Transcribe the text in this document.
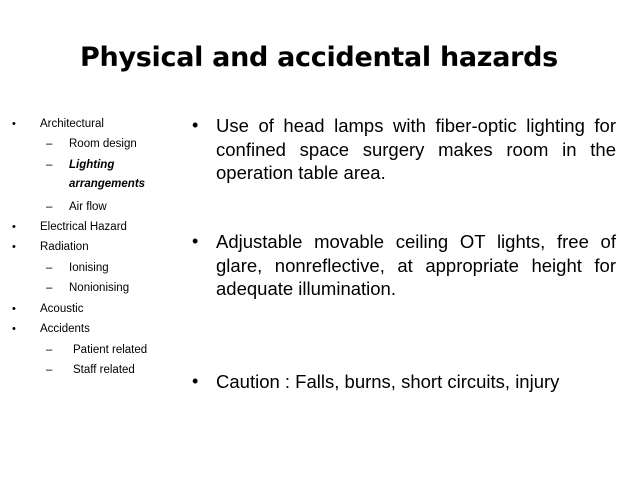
Physical and accidental hazards
• Architectural
– Room design
– Lighting
arrangements
– Air flow
• Electrical Hazard
• Radiation
– Ionising
– Nonionising
• Acoustic
• Accidents
– Patient related
– Staff related
• Use of head lamps with fiber-optic lighting for confined space surgery makes room in the operation table area.
• Adjustable movable ceiling OT lights, free of glare, nonreflective, at appropriate height for adequate illumination.
• Caution : Falls, burns, short circuits, injury
